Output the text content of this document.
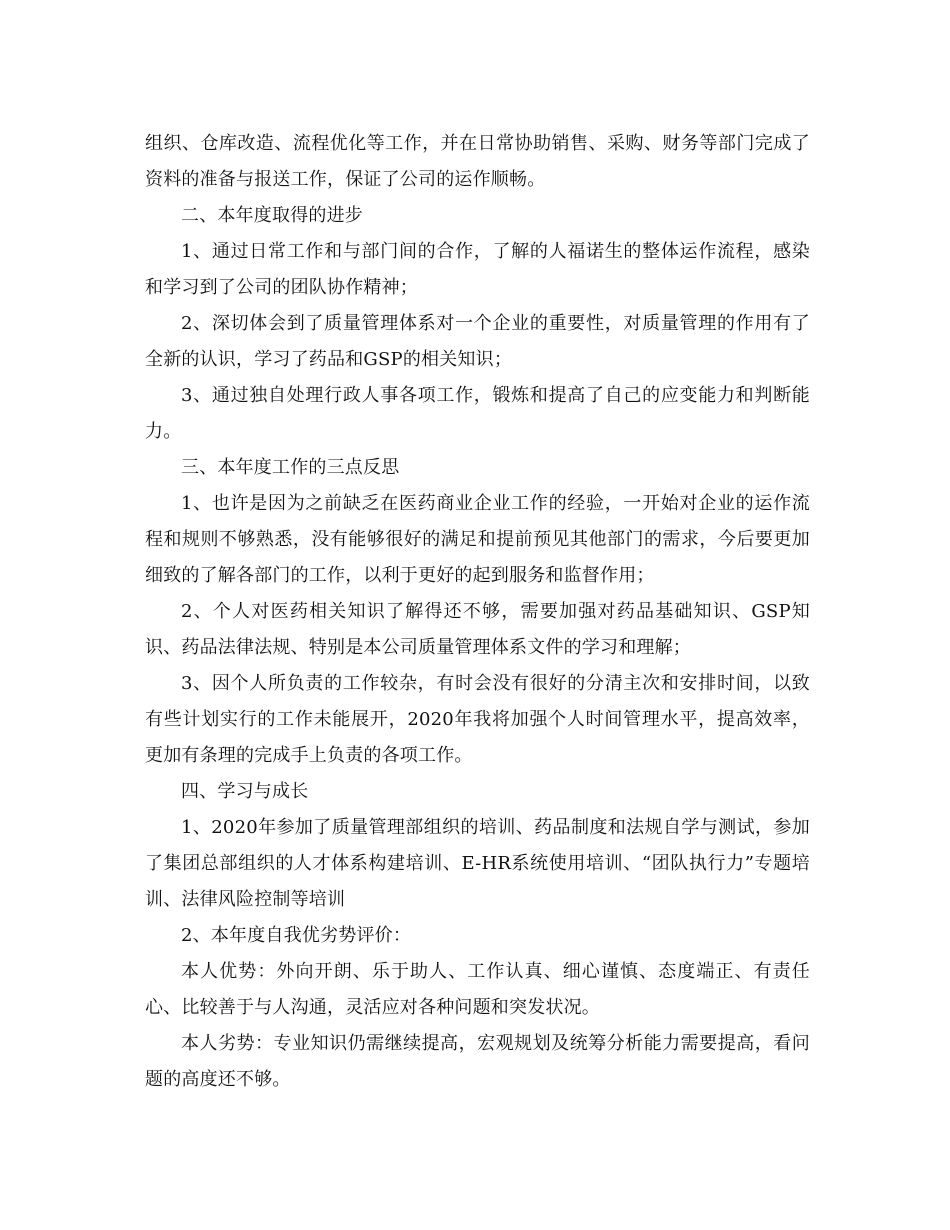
组织、仓库改造、流程优化等工作，并在日常协助销售、采购、财务等部门完成了资料的准备与报送工作，保证了公司的运作顺畅。

二、本年度取得的进步

1、通过日常工作和与部门间的合作，了解的人福诺生的整体运作流程，感染和学习到了公司的团队协作精神；

2、深切体会到了质量管理体系对一个企业的重要性，对质量管理的作用有了全新的认识，学习了药品和GSP的相关知识；

3、通过独自处理行政人事各项工作，锻炼和提高了自己的应变能力和判断能力。

三、本年度工作的三点反思

1、也许是因为之前缺乏在医药商业企业工作的经验，一开始对企业的运作流程和规则不够熟悉，没有能够很好的满足和提前预见其他部门的需求，今后要更加细致的了解各部门的工作，以利于更好的起到服务和监督作用；

2、个人对医药相关知识了解得还不够，需要加强对药品基础知识、GSP知识、药品法律法规、特别是本公司质量管理体系文件的学习和理解；

3、因个人所负责的工作较杂，有时会没有很好的分清主次和安排时间，以致有些计划实行的工作未能展开，2020年我将加强个人时间管理水平，提高效率，更加有条理的完成手上负责的各项工作。

四、学习与成长

1、2020年参加了质量管理部组织的培训、药品制度和法规自学与测试，参加了集团总部组织的人才体系构建培训、E-HR系统使用培训、“团队执行力”专题培训、法律风险控制等培训

2、本年度自我优劣势评价：

本人优势：外向开朗、乐于助人、工作认真、细心谨慎、态度端正、有责任心、比较善于与人沟通，灵活应对各种问题和突发状况。

本人劣势：专业知识仍需继续提高，宏观规划及统筹分析能力需要提高，看问题的高度还不够。
